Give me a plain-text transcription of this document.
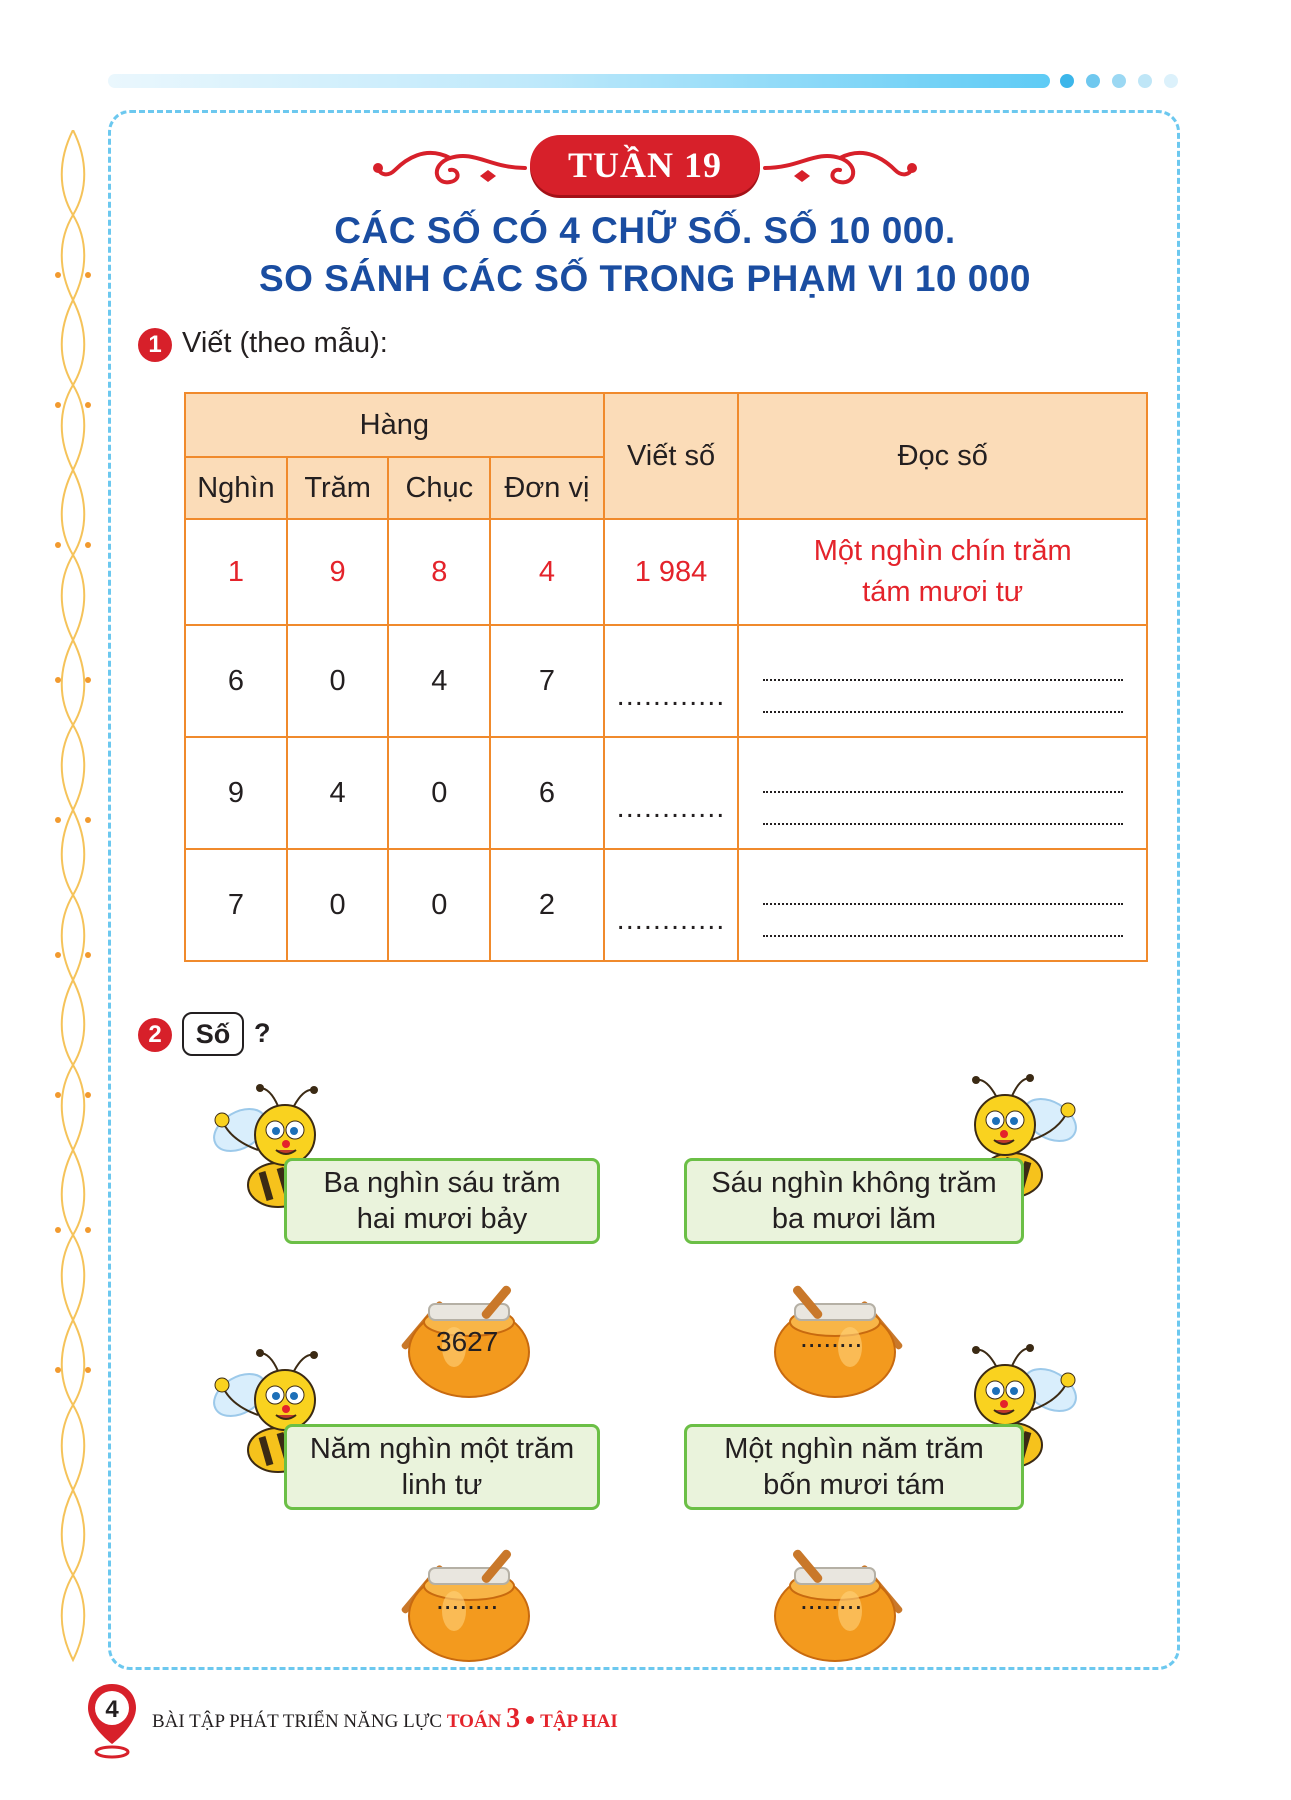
TUẦN 19
CÁC SỐ CÓ 4 CHỮ SỐ. SỐ 10 000.
SO SÁNH CÁC SỐ TRONG PHẠM VI 10 000
1 Viết (theo mẫu):
Hàng				Viết số	Đọc số
Nghìn	Trăm	Chục	Đơn vị		
1	9	8	4	1 984	Một nghìn chín trăm
tám mươi tư

6	0	4	7	............	

9	4	0	6	............	

7	0	0	2	............	
2	Số ?
Ba nghìn sáu trăm
hai mươi bảy
3627
Sáu nghìn không trăm
ba mươi lăm
........
Năm nghìn một trăm
linh tư
........
Một nghìn năm trăm
bốn mươi tám
........
4 BÀI TẬP PHÁT TRIỂN NĂNG LỰC TOÁN 3 TẬP HAI
